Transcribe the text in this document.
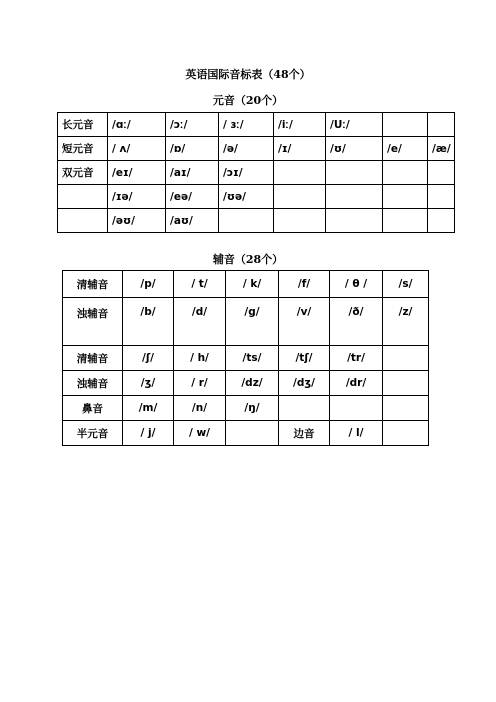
英语国际音标表（48个）
元音（20个）
长元音	/ɑː/	/ɔː/	/ ɜː/	/iː/	/Uː/		
短元音	/ ʌ/	/ɒ/	/ə/	/ɪ/	/ʊ/	/e/	/æ/
双元音	/eɪ/	/aɪ/	/ɔɪ/				
	/ɪə/	/eə/	/ʊə/				
	/əʊ/	/aʊ/					
辅音（28个）
清辅音	/p/	/ t/	/ k/	/f/	/ θ /	/s/
浊辅音	/b/	/d/	/g/	/v/	/ð/	/z/
清辅音	/ʃ/	/ h/	/ts/	/tʃ/	/tr/	
浊辅音	/ʒ/	/ r/	/dz/	/dʒ/	/dr/	
鼻音	/m/	/n/	/ŋ/			
半元音	/ j/	/ w/		边音	/ l/	
